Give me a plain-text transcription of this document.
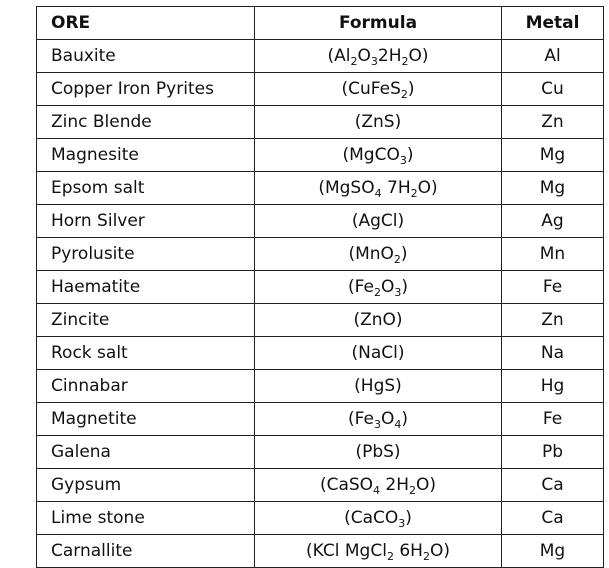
ORE	Formula	Metal
Bauxite	$(Al_2O_32H_2O)$	Al
Copper Iron Pyrites	(CuFeS$_2$)	Cu
Zinc Blende	(ZnS)	Zn
Magnesite	(MgCO$_3$)	Mg
Epsom salt	(MgSO$_4$ $7H_2O$)	Mg
Horn Silver	(AgCl)	Ag
Pyrolusite	(MnO$_2$)	Mn
Haematite	$(Fe_2O_3)$	Fe
Zincite	(ZnO)	Zn
Rock salt	(NaCl)	Na
Cinnabar	(HgS)	Hg
Magnetite	$(Fe_3O_4)$	Fe
Galena	(PbS)	Pb
Gypsum	(CaSO$_4$ $2H_2O$)	Ca
Lime stone	(CaCO$_3$)	Ca
Carnallite	(KCl MgCl$_2$ $6H_2O$)	Mg
